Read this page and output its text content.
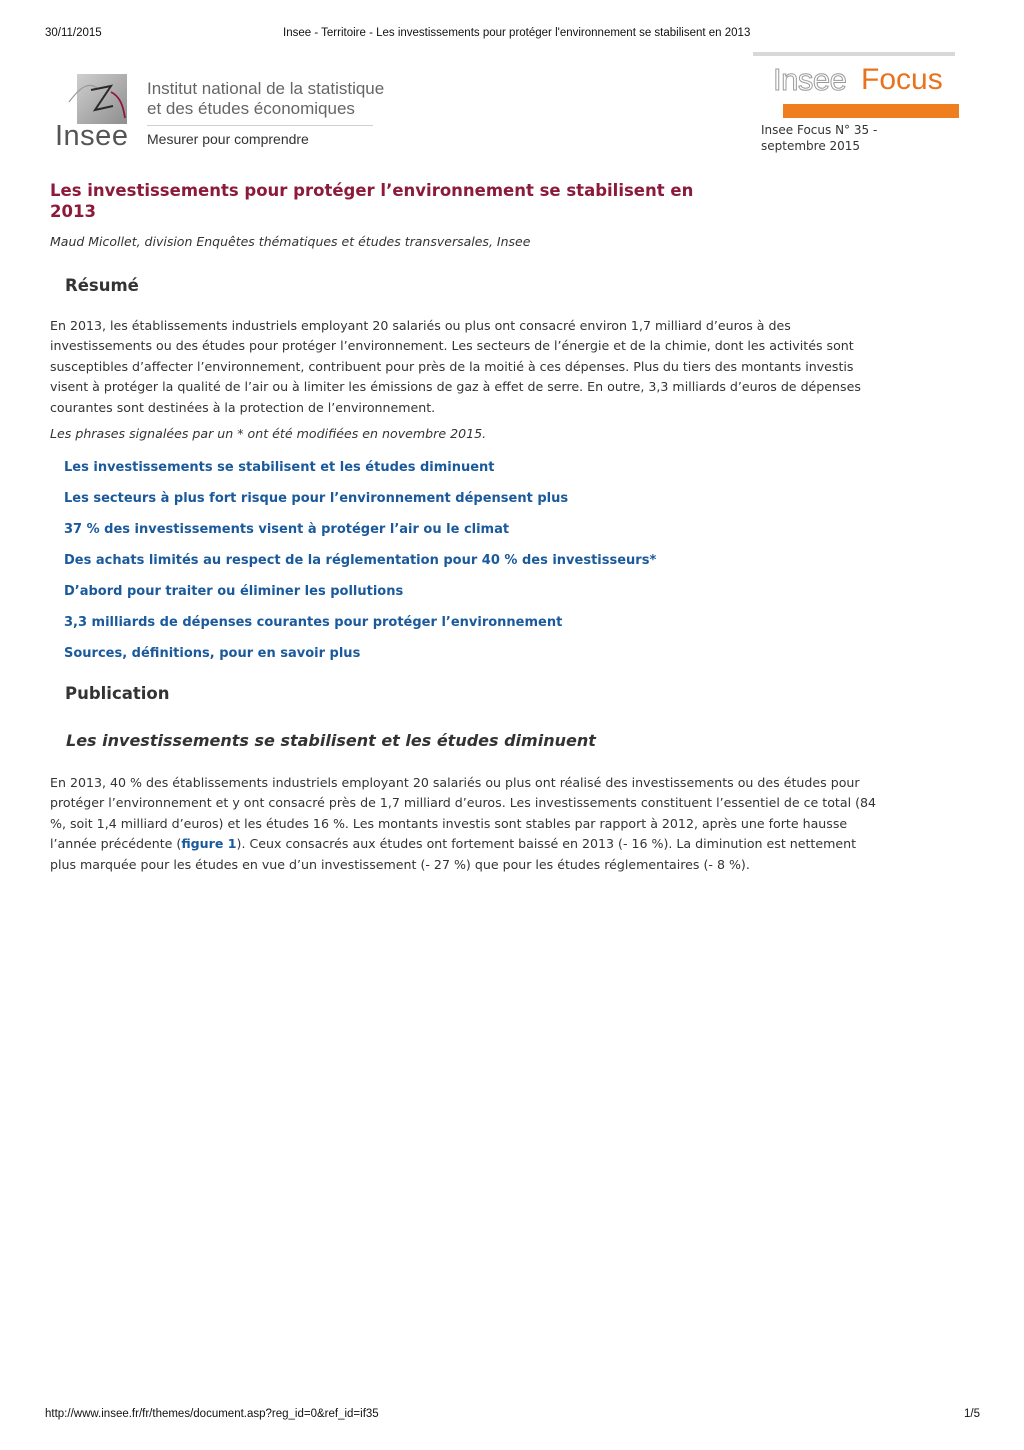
30/11/2015	Insee - Territoire - Les investissements pour protéger l'environnement se stabilisent en 2013
Insee
Institut national de la statistique
et des études économiques
Mesurer pour comprendre
Insee Focus
Insee Focus N° 35 -
septembre 2015
Les investissements pour protéger l’environnement se stabilisent en 2013
Maud Micollet, division Enquêtes thématiques et études transversales, Insee
Résumé

En 2013, les établissements industriels employant 20 salariés ou plus ont consacré environ 1,7 milliard d’euros à des investissements ou des études pour protéger l’environnement. Les secteurs de l’énergie et de la chimie, dont les activités sont susceptibles d’affecter l’environnement, contribuent pour près de la moitié à ces dépenses. Plus du tiers des montants investis visent à protéger la qualité de l’air ou à limiter les émissions de gaz à effet de serre. En outre, 3,3 milliards d’euros de dépenses courantes sont destinées à la protection de l’environnement.

Les phrases signalées par un * ont été modifiées en novembre 2015.

Les investissements se stabilisent et les études diminuent
Les secteurs à plus fort risque pour l’environnement dépensent plus
37 % des investissements visent à protéger l’air ou le climat
Des achats limités au respect de la réglementation pour 40 % des investisseurs*
D’abord pour traiter ou éliminer les pollutions
3,3 milliards de dépenses courantes pour protéger l’environnement
Sources, définitions, pour en savoir plus
Publication
Les investissements se stabilisent et les études diminuent

En 2013, 40 % des établissements industriels employant 20 salariés ou plus ont réalisé des investissements ou des études pour protéger l’environnement et y ont consacré près de 1,7 milliard d’euros. Les investissements constituent l’essentiel de ce total (84 %, soit 1,4 milliard d’euros) et les études 16 %. Les montants investis sont stables par rapport à 2012, après une forte hausse l’année précédente (figure 1). Ceux consacrés aux études ont fortement baissé en 2013 (- 16 %). La diminution est nettement plus marquée pour les études en vue d’un investissement (- 27 %) que pour les études réglementaires (- 8 %).

http://www.insee.fr/fr/themes/document.asp?reg_id=0&ref_id=if35	1/5
